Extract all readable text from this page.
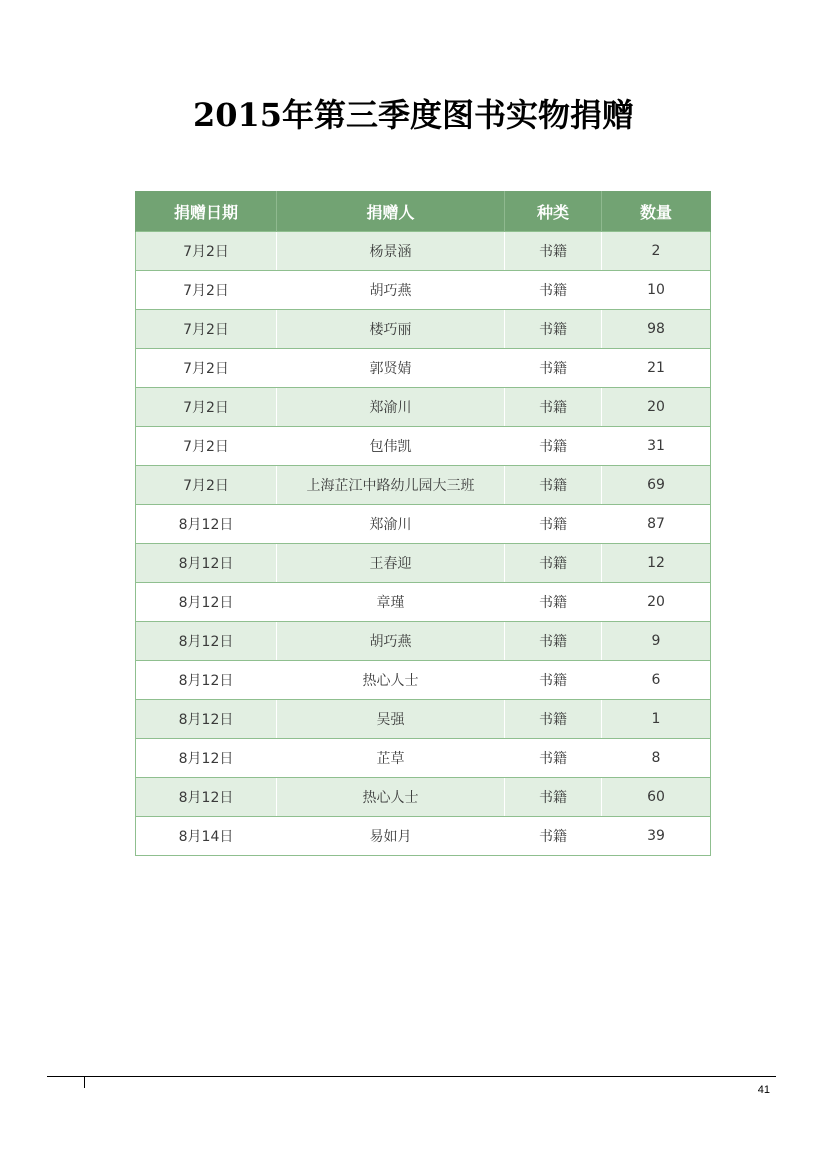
2015年第三季度图书实物捐赠
捐赠日期	捐赠人	种类	数量
7月2日	杨景涵	书籍	2
7月2日	胡巧燕	书籍	10
7月2日	楼巧丽	书籍	98
7月2日	郭贤婧	书籍	21
7月2日	郑渝川	书籍	20
7月2日	包伟凯	书籍	31
7月2日	上海芷江中路幼儿园大三班	书籍	69
8月12日	郑渝川	书籍	87
8月12日	王春迎	书籍	12
8月12日	章瑾	书籍	20
8月12日	胡巧燕	书籍	9
8月12日	热心人士	书籍	6
8月12日	吴强	书籍	1
8月12日	芷草	书籍	8
8月12日	热心人士	书籍	60
8月14日	易如月	书籍	39
41
